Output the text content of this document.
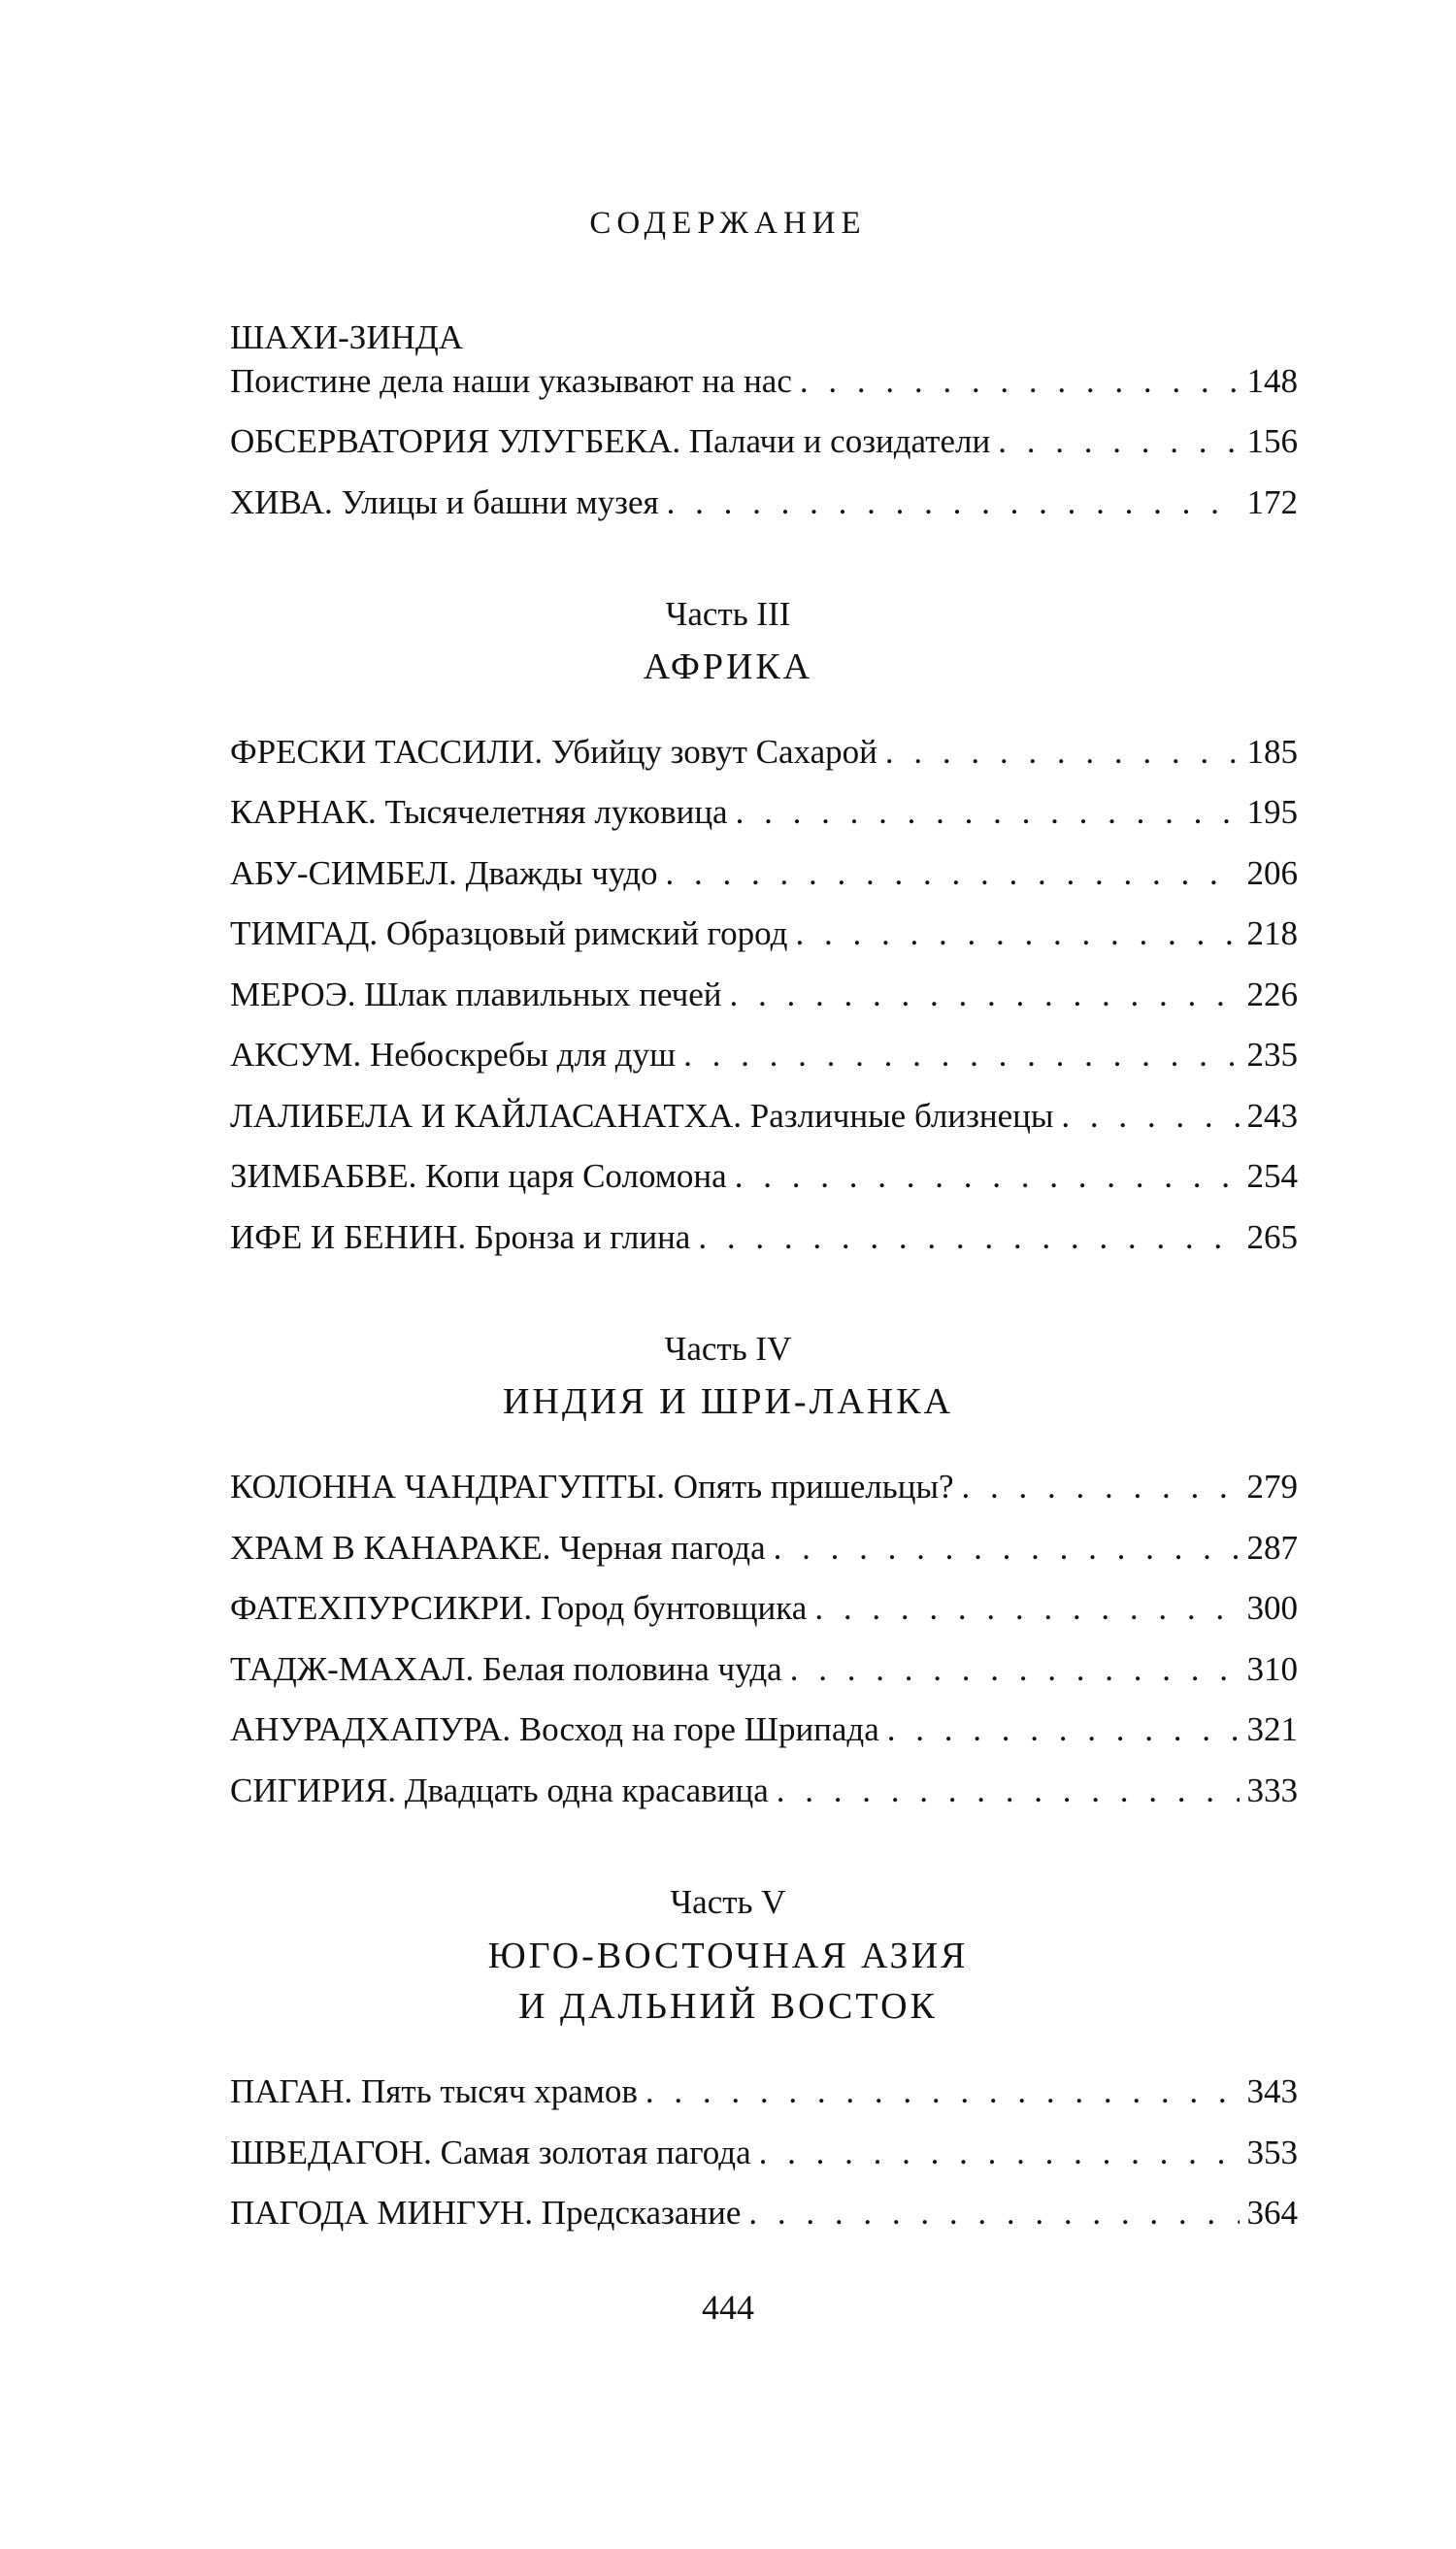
СОДЕРЖАНИЕ
ШАХИ-ЗИНДА
Поистине дела наши указывают на нас . . .	148
ОБСЕРВАТОРИЯ УЛУГБЕКА. Палачи и созидатели . . .	156
ХИВА. Улицы и башни музея . . .	172
Часть III
АФРИКА
ФРЕСКИ ТАССИЛИ. Убийцу зовут Сахарой . . .	185
КАРНАК. Тысячелетняя луковица . . .	195
АБУ-СИМБЕЛ. Дважды чудо . . .	206
ТИМГАД. Образцовый римский город . . .	218
МЕРОЭ. Шлак плавильных печей . . .	226
АКСУМ. Небоскребы для душ . . .	235
ЛАЛИБЕЛА И КАЙЛАСАНАТХА. Различные близнецы . . .	243
ЗИМБАБВЕ. Копи царя Соломона . . .	254
ИФЕ И БЕНИН. Бронза и глина . . .	265
Часть IV
ИНДИЯ И ШРИ-ЛАНКА
КОЛОННА ЧАНДРАГУПТЫ. Опять пришельцы? . . .	279
ХРАМ В КАНАРАКЕ. Черная пагода . . .	287
ФАТЕХПУРСИКРИ. Город бунтовщика . . .	300
ТАДЖ-МАХАЛ. Белая половина чуда . . .	310
АНУРАДХАПУРА. Восход на горе Шрипада . . .	321
СИГИРИЯ. Двадцать одна красавица . . .	333
Часть V
ЮГО-ВОСТОЧНАЯ АЗИЯ
И ДАЛЬНИЙ ВОСТОК
ПАГАН. Пять тысяч храмов . . .	343
ШВЕДАГОН. Самая золотая пагода . . .	353
ПАГОДА МИНГУН. Предсказание . . .	364
444
